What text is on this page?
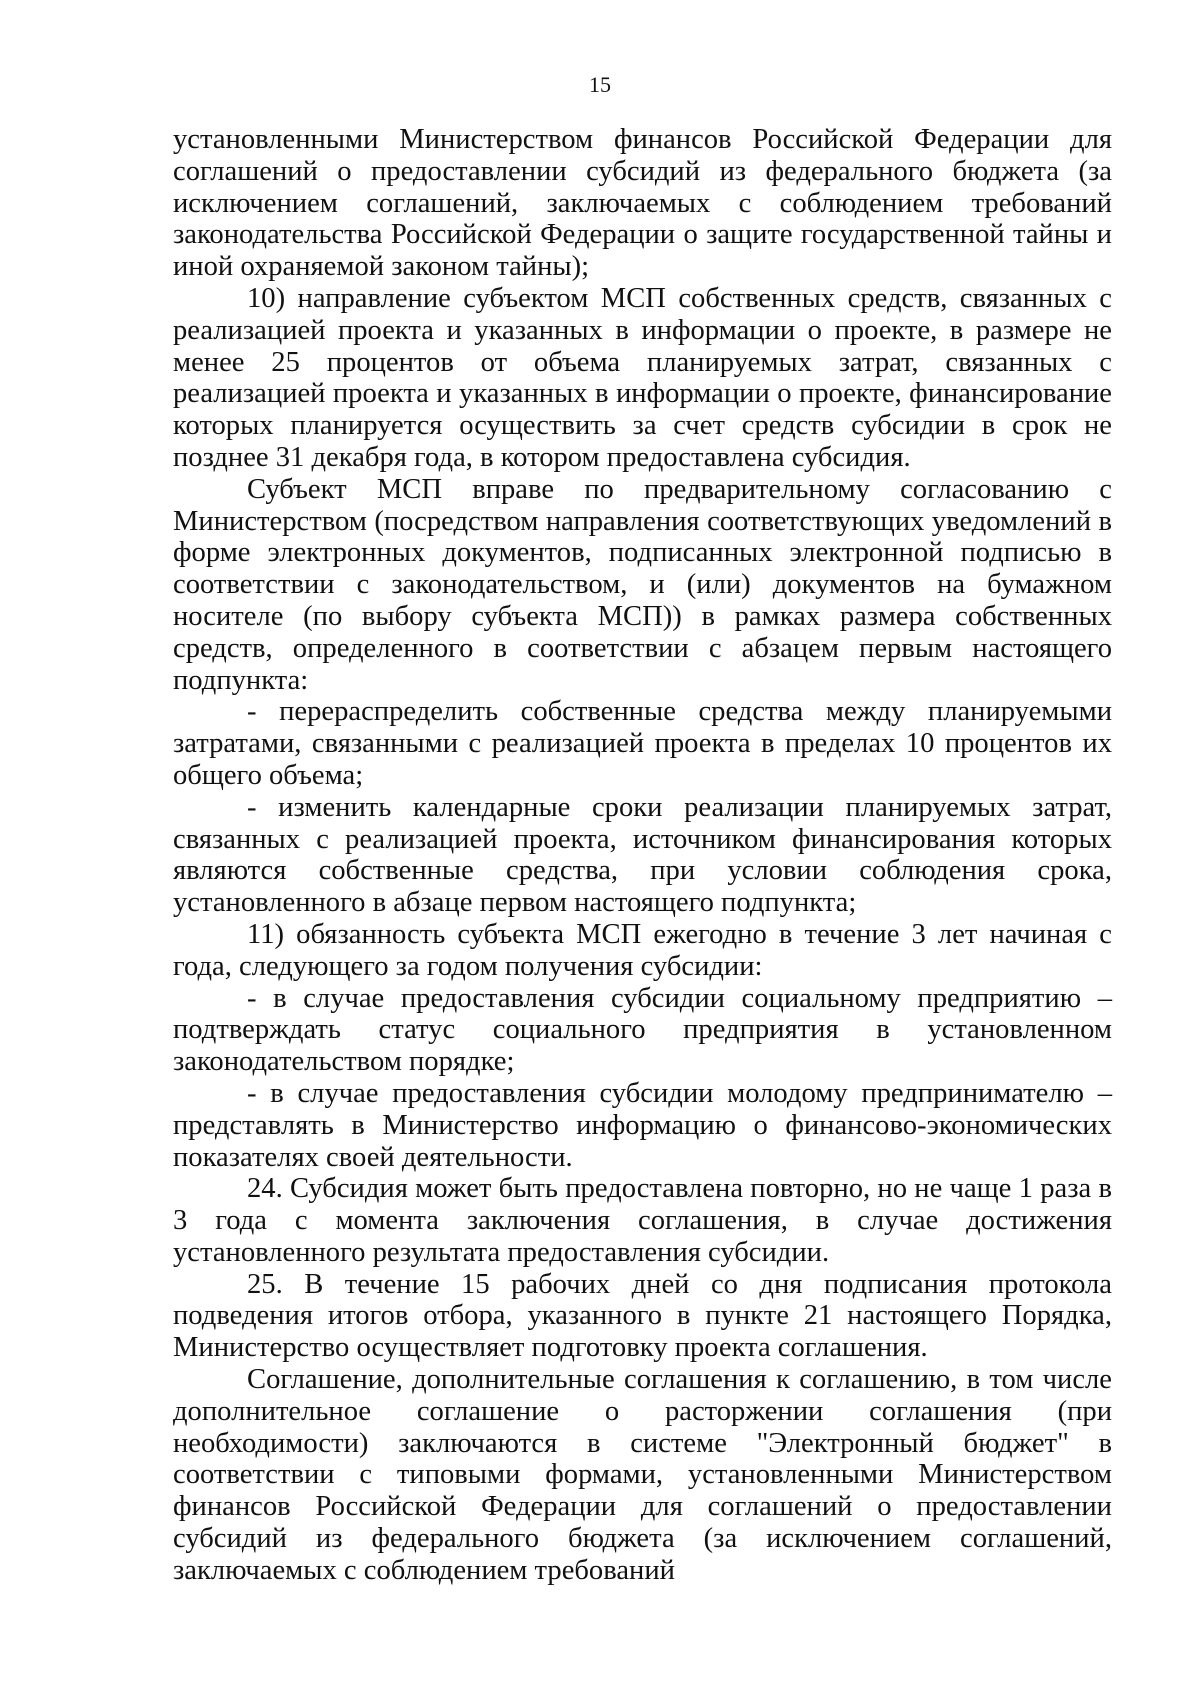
15

установленными Министерством финансов Российской Федерации для соглашений о предоставлении субсидий из федерального бюджета (за исключением соглашений, заключаемых с соблюдением требований законодательства Российской Федерации о защите государственной тайны и иной охраняемой законом тайны);

10) направление субъектом МСП собственных средств, связанных с реализацией проекта и указанных в информации о проекте, в размере не менее 25 процентов от объема планируемых затрат, связанных с реализацией проекта и указанных в информации о проекте, финансирование которых планируется осуществить за счет средств субсидии в срок не позднее 31 декабря года, в котором предоставлена субсидия.

Субъект МСП вправе по предварительному согласованию с Министерством (посредством направления соответствующих уведомлений в форме электронных документов, подписанных электронной подписью в соответствии с законодательством, и (или) документов на бумажном носителе (по выбору субъекта МСП)) в рамках размера собственных средств, определенного в соответствии с абзацем первым настоящего подпункта:

- перераспределить собственные средства между планируемыми затратами, связанными с реализацией проекта в пределах 10 процентов их общего объема;

- изменить календарные сроки реализации планируемых затрат, связанных с реализацией проекта, источником финансирования которых являются собственные средства, при условии соблюдения срока, установленного в абзаце первом настоящего подпункта;

11) обязанность субъекта МСП ежегодно в течение 3 лет начиная с года, следующего за годом получения субсидии:

- в случае предоставления субсидии социальному предприятию – подтверждать статус социального предприятия в установленном законодательством порядке;

- в случае предоставления субсидии молодому предпринимателю – представлять в Министерство информацию о финансово-экономических показателях своей деятельности.

24. Субсидия может быть предоставлена повторно, но не чаще 1 раза в 3 года с момента заключения соглашения, в случае достижения установленного результата предоставления субсидии.

25. В течение 15 рабочих дней со дня подписания протокола подведения итогов отбора, указанного в пункте 21 настоящего Порядка, Министерство осуществляет подготовку проекта соглашения.

Соглашение, дополнительные соглашения к соглашению, в том числе дополнительное соглашение о расторжении соглашения (при необходимости) заключаются в системе "Электронный бюджет" в соответствии с типовыми формами, установленными Министерством финансов Российской Федерации для соглашений о предоставлении субсидий из федерального бюджета (за исключением соглашений, заключаемых с соблюдением требований
